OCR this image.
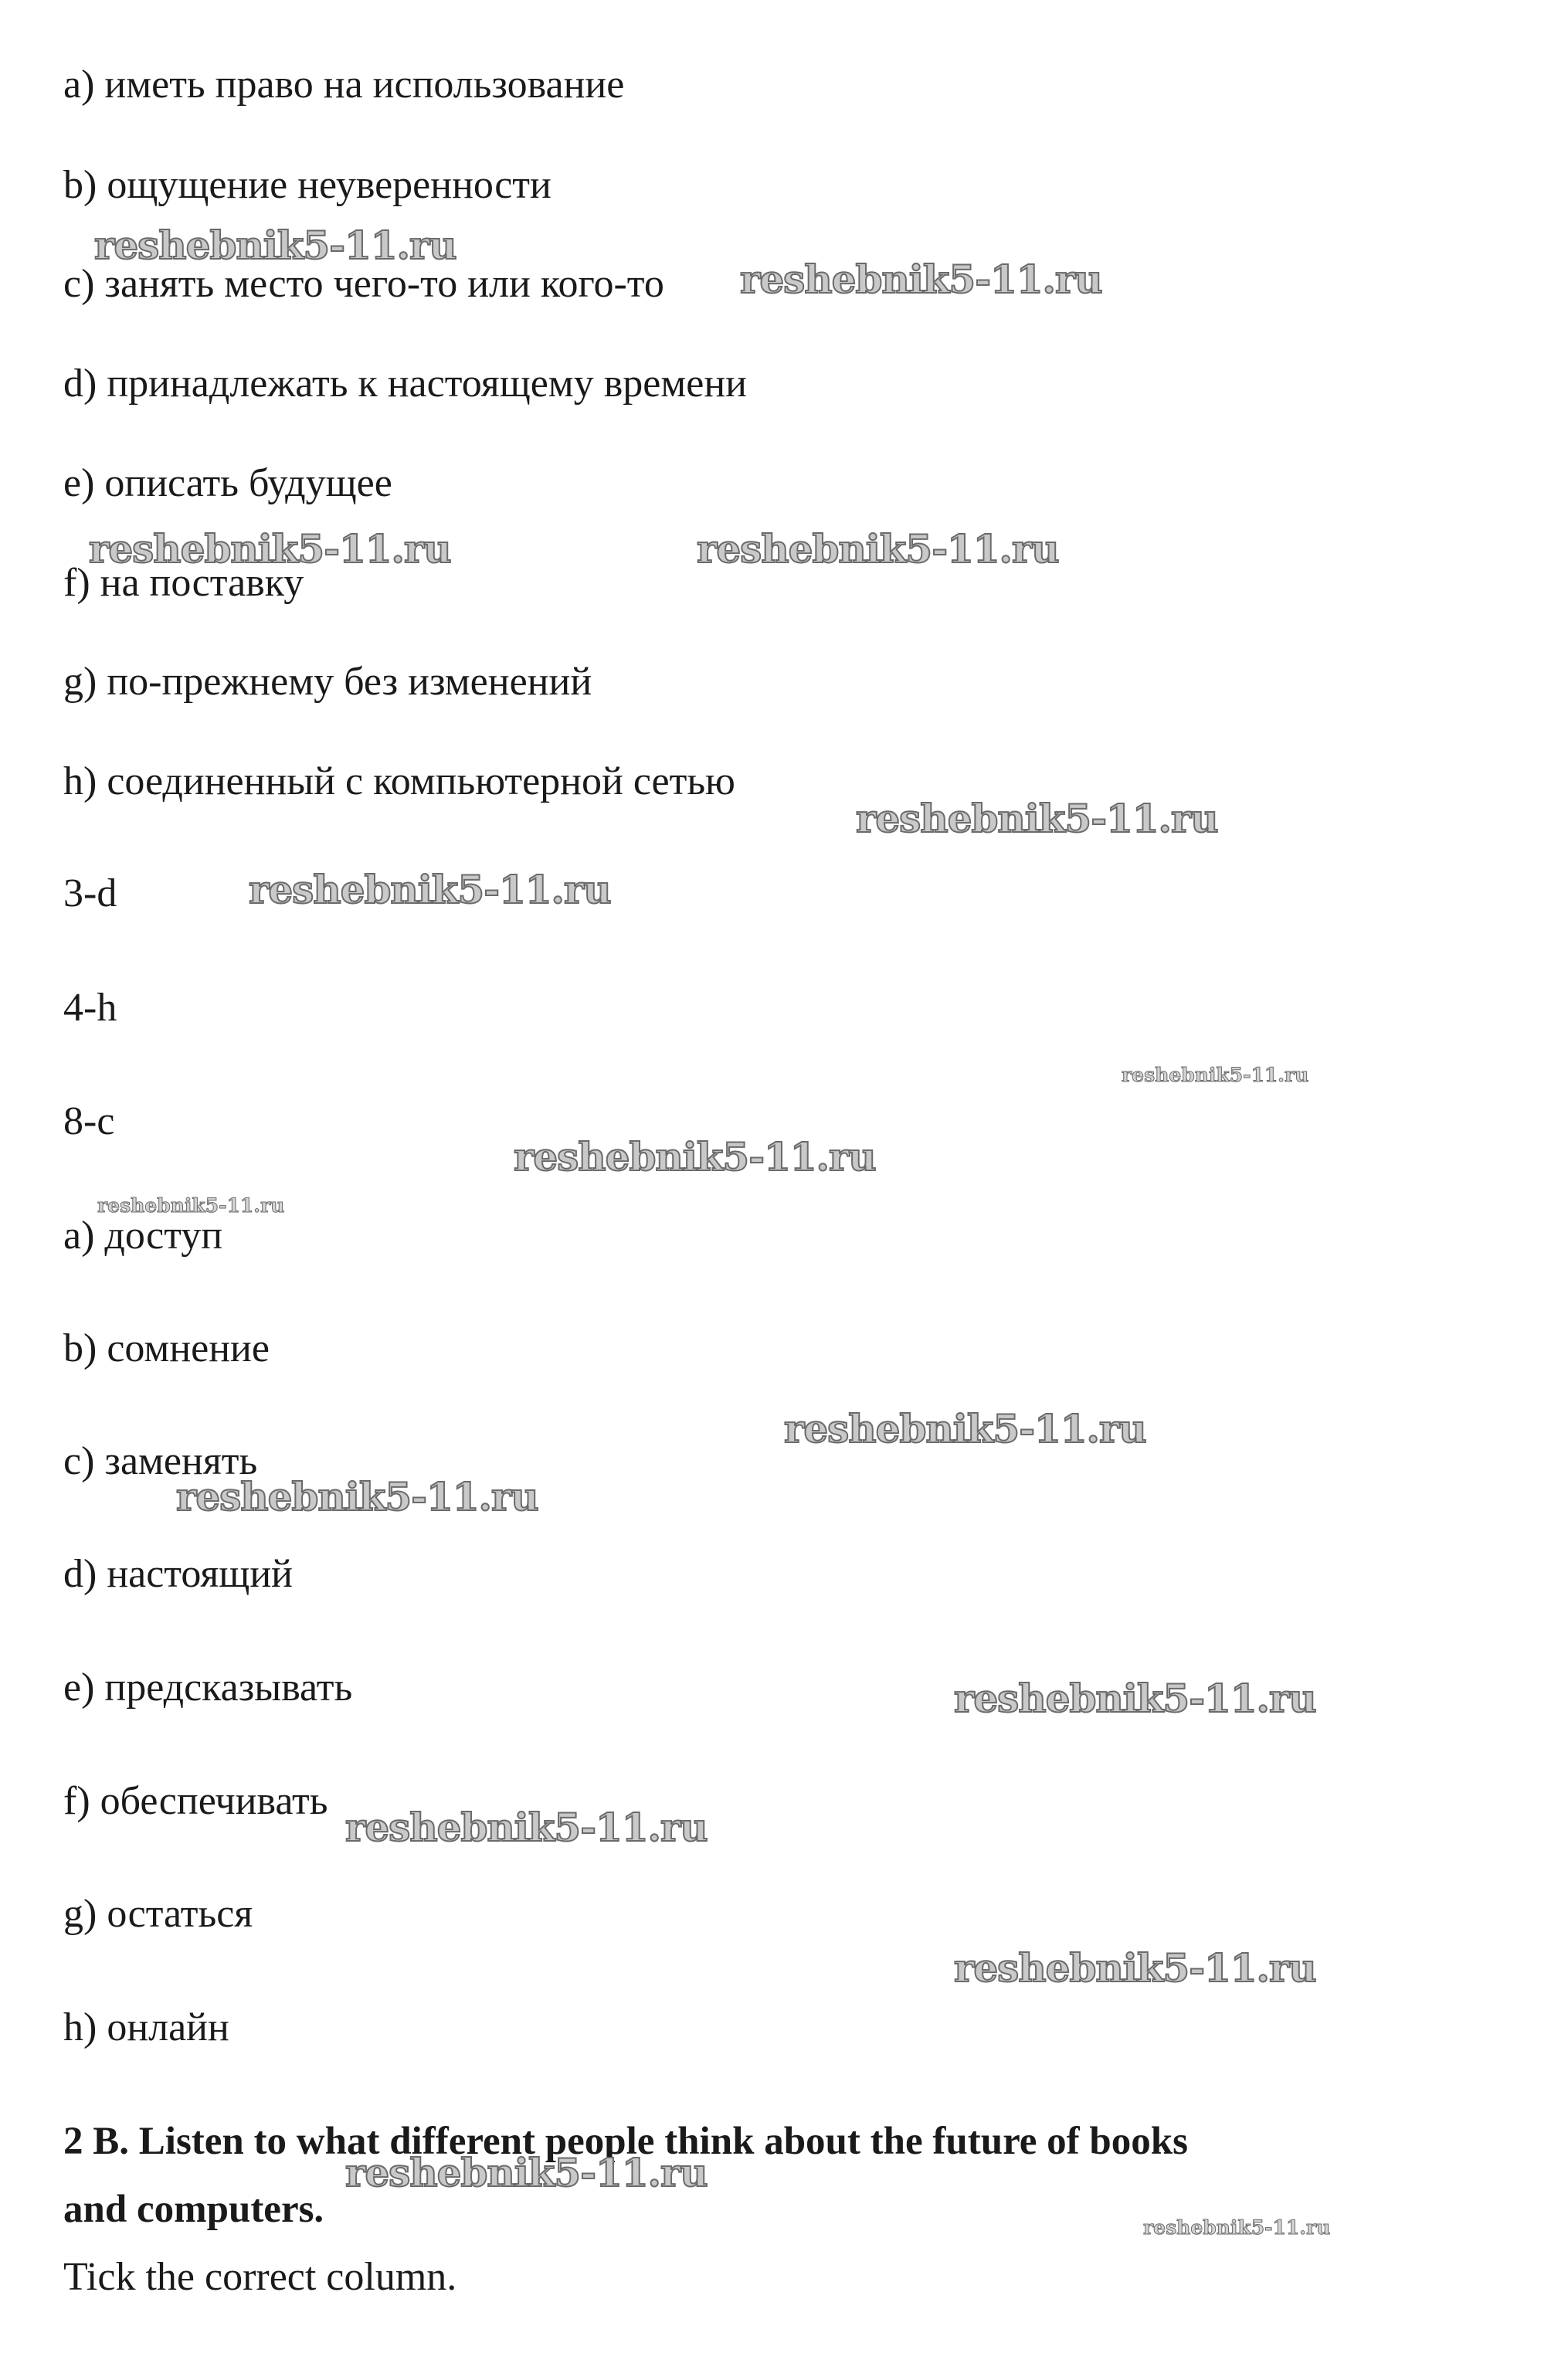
a) иметь право на использование
b) ощущение неуверенности
c) занять место чего-то или кого-то
d) принадлежать к настоящему времени
e) описать будущее
f) на поставку
g) по-прежнему без изменений
h) соединенный с компьютерной сетью
3-d
4-h
8-c
a) доступ
b) сомнение
c) заменять
d) настоящий
e) предсказывать
f) обеспечивать
g) остаться
h) онлайн
2 B. Listen to what different people think about the future of books
and computers.
Tick the correct column.
reshebnik5-11.ru
reshebnik5-11.ru
reshebnik5-11.ru	reshebnik5-11.ru
reshebnik5-11.ru
reshebnik5-11.ru
reshebnik5-11.ru
reshebnik5-11.ru
reshebnik5-11.ru
reshebnik5-11.ru
reshebnik5-11.ru
reshebnik5-11.ru
reshebnik5-11.ru
reshebnik5-11.ru
reshebnik5-11.ru
reshebnik5-11.ru
